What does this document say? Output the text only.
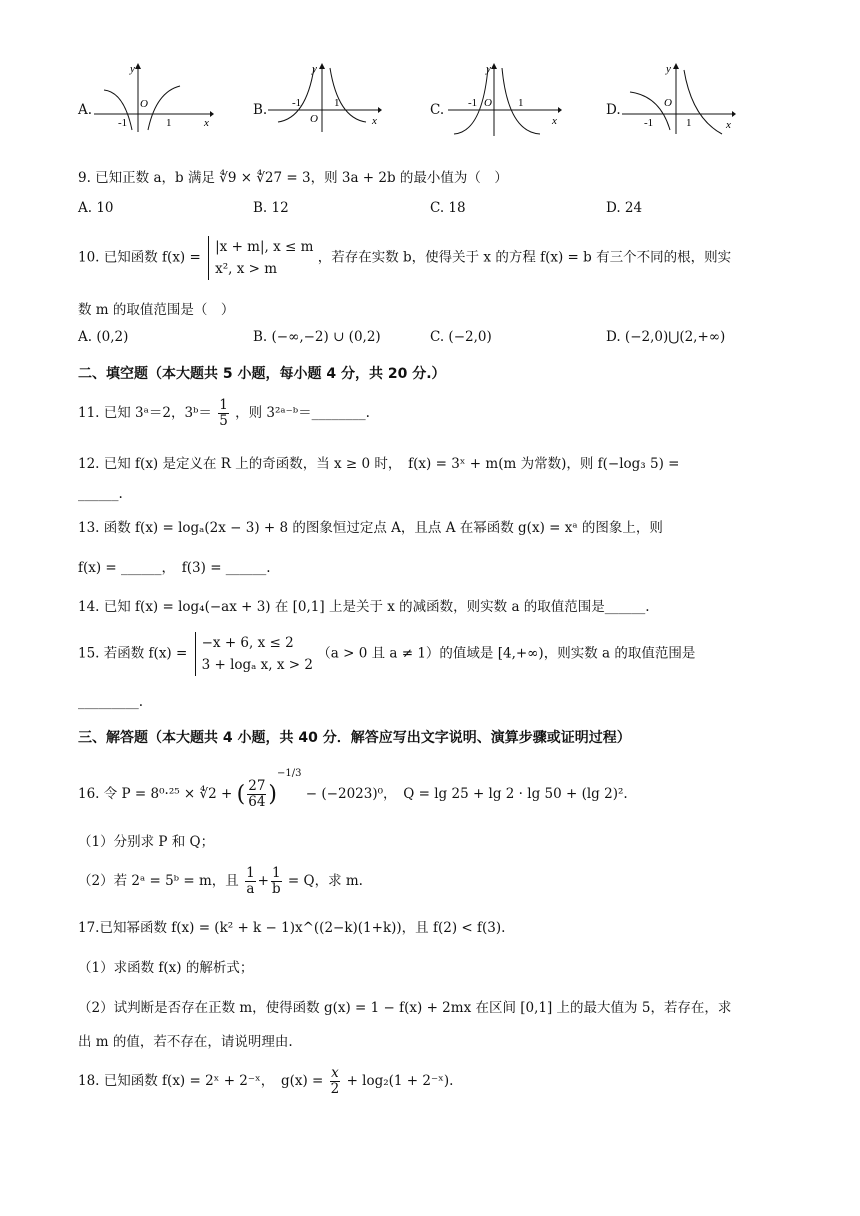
A.
y
x
O
-1	1
B.
y
x
O
-1	1	C.
y
x
O
-1	1	D.
y
x
O
-1	1
9. 已知正数 a，b 满足 ∜9 × ∜27 = 3，则 3a + 2b 的最小值为（　）
A. 10	B. 12	C. 18	D. 24
10. 已知函数 f(x) = |x + m|, x ≤ m
x², x > m ，若存在实数 b，使得关于 x 的方程 f(x) = b 有三个不同的根，则实
数 m 的取值范围是（　）
A. (0,2)	B. (−∞,−2) ∪ (0,2)	C. (−2,0)	D. (−2,0)⋃(2,+∞)
二、填空题（本大题共 5 小题，每小题 4 分，共 20 分.）
11. 已知 3ᵃ＝2，3ᵇ＝ $\frac{1}{5}$ ，则 3²ᵃ⁻ᵇ＝________.
12. 已知 f(x) 是定义在 R 上的奇函数，当 x ≥ 0 时，　f(x) = 3ˣ + m(m 为常数)，则 f(−log₃ 5) =
______.
13. 函数 f(x) = logₐ(2x − 3) + 8 的图象恒过定点 A，且点 A 在幂函数 g(x) = xᵃ 的图象上，则
f(x) = ______，　f(3) = ______.
14. 已知 f(x) = log₄(−ax + 3) 在 [0,1] 上是关于 x 的减函数，则实数 a 的取值范围是______.
15. 若函数 f(x) = −x + 6, x ≤ 2
3 + logₐ x, x > 2 （a > 0 且 a ≠ 1）的值域是 [4,+∞)，则实数 a 的取值范围是
_________.
三、解答题（本大题共 4 小题，共 40 分．解答应写出文字说明、演算步骤或证明过程）
16. 令 P = 8⁰·²⁵ × ∜2 + ( $\frac{27}{64} )^{-1/3} - (-2023)^0$，　Q = lg 25 + lg 2 · lg 50 + (lg 2)².
（1）分别求 P 和 Q；
（2）若 2ᵃ = 5ᵇ = m，且 $\frac{1}{a} + \frac{1}{b} = Q$，求 m.
17.已知幂函数 f(x) = (k² + k − 1)x^((2−k)(1+k))，且 f(2) < f(3).
（1）求函数 f(x) 的解析式；
（2）试判断是否存在正数 m，使得函数 g(x) = 1 − f(x) + 2mx 在区间 [0,1] 上的最大值为 5，若存在，求
出 m 的值，若不存在，请说明理由.
18. 已知函数 f(x) = 2ˣ + 2⁻ˣ，　$g(x) = \frac{x}{2} + \log_2(1$ + 2⁻ˣ).
